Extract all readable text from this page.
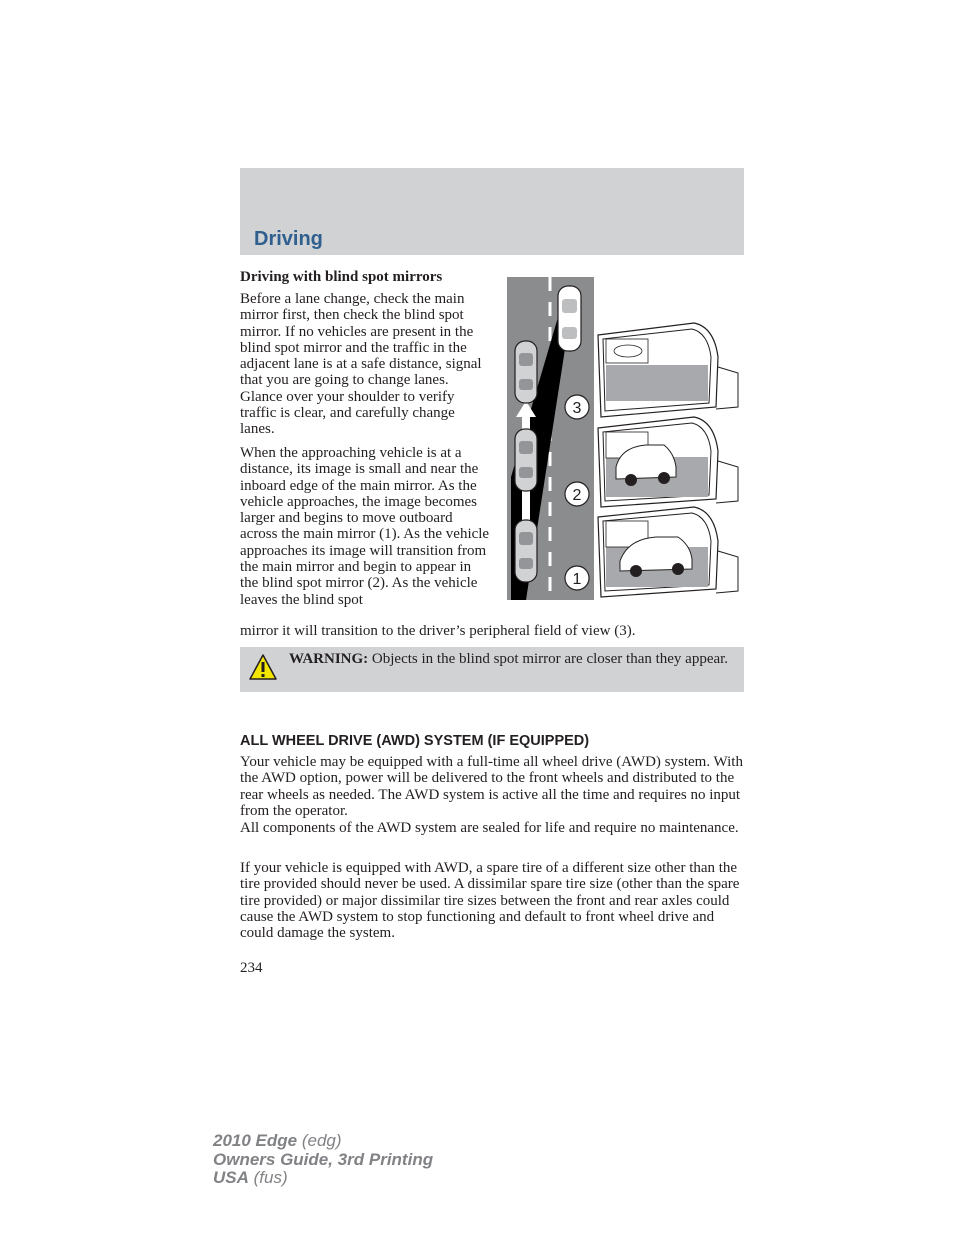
Driving
Driving with blind spot mirrors
Before a lane change, check the main mirror first, then check the blind spot mirror. If no vehicles are present in the blind spot mirror and the traffic in the adjacent lane is at a safe distance, signal that you are going to change lanes. Glance over your shoulder to verify traffic is clear, and carefully change lanes.
When the approaching vehicle is at a distance, its image is small and near the inboard edge of the main mirror. As the vehicle approaches, the image becomes larger and begins to move outboard across the main mirror (1). As the vehicle approaches its image will transition from the main mirror and begin to appear in the blind spot mirror (2). As the vehicle leaves the blind spot
mirror it will transition to the driver’s peripheral field of view (3).
3
2
1
WARNING: Objects in the blind spot mirror are closer than they appear.
ALL WHEEL DRIVE (AWD) SYSTEM (IF EQUIPPED)
Your vehicle may be equipped with a full-time all wheel drive (AWD) system. With the AWD option, power will be delivered to the front wheels and distributed to the rear wheels as needed. The AWD system is active all the time and requires no input from the operator.
All components of the AWD system are sealed for life and require no maintenance.
If your vehicle is equipped with AWD, a spare tire of a different size other than the tire provided should never be used. A dissimilar spare tire size (other than the spare tire provided) or major dissimilar tire sizes between the front and rear axles could cause the AWD system to stop functioning and default to front wheel drive and could damage the system.
234
2010 Edge (edg)
Owners Guide, 3rd Printing
USA (fus)
